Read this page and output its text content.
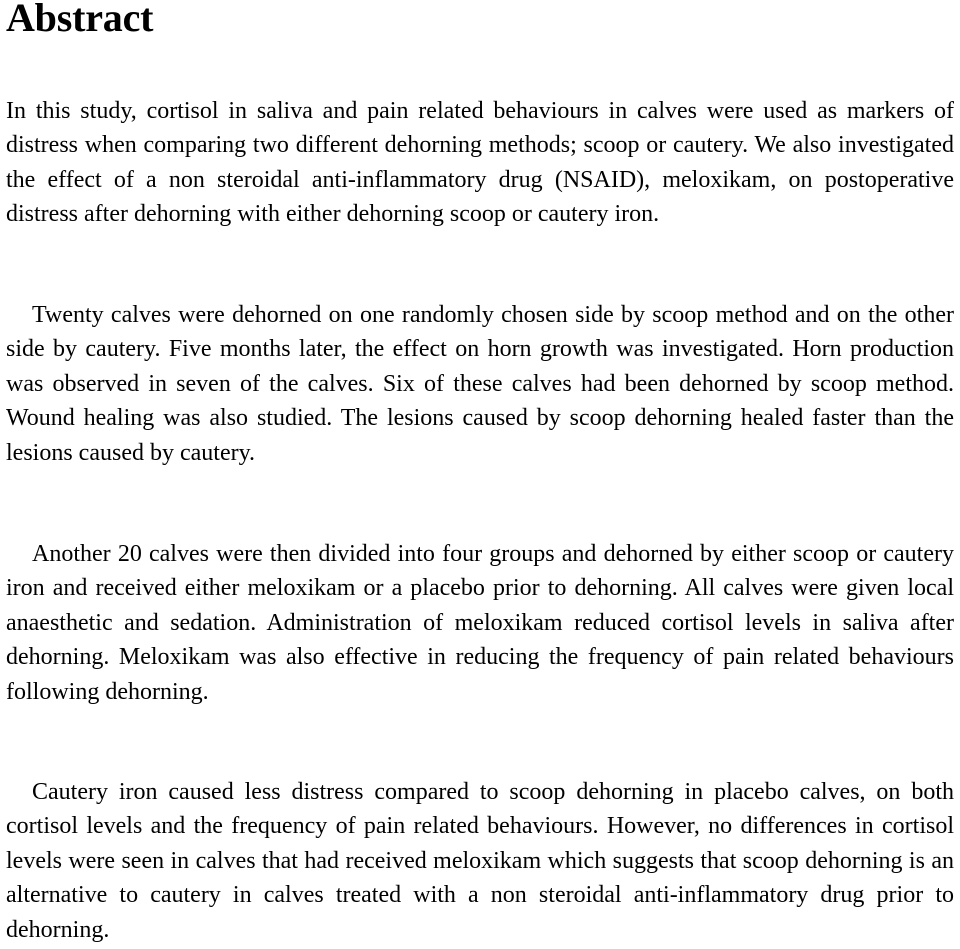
Abstract

In this study, cortisol in saliva and pain related behaviours in calves were used as markers of distress when comparing two different dehorning methods; scoop or cautery. We also investigated the effect of a non steroidal anti-inflammatory drug (NSAID), meloxikam, on postoperative distress after dehorning with either dehorning scoop or cautery iron.

Twenty calves were dehorned on one randomly chosen side by scoop method and on the other side by cautery. Five months later, the effect on horn growth was investigated. Horn production was observed in seven of the calves. Six of these calves had been dehorned by scoop method. Wound healing was also studied. The lesions caused by scoop dehorning healed faster than the lesions caused by cautery.

Another 20 calves were then divided into four groups and dehorned by either scoop or cautery iron and received either meloxikam or a placebo prior to dehorning. All calves were given local anaesthetic and sedation. Administration of meloxikam reduced cortisol levels in saliva after dehorning. Meloxikam was also effective in reducing the frequency of pain related behaviours following dehorning.

Cautery iron caused less distress compared to scoop dehorning in placebo calves, on both cortisol levels and the frequency of pain related behaviours. However, no differences in cortisol levels were seen in calves that had received meloxikam which suggests that scoop dehorning is an alternative to cautery in calves treated with a non steroidal anti-inflammatory drug prior to dehorning.
